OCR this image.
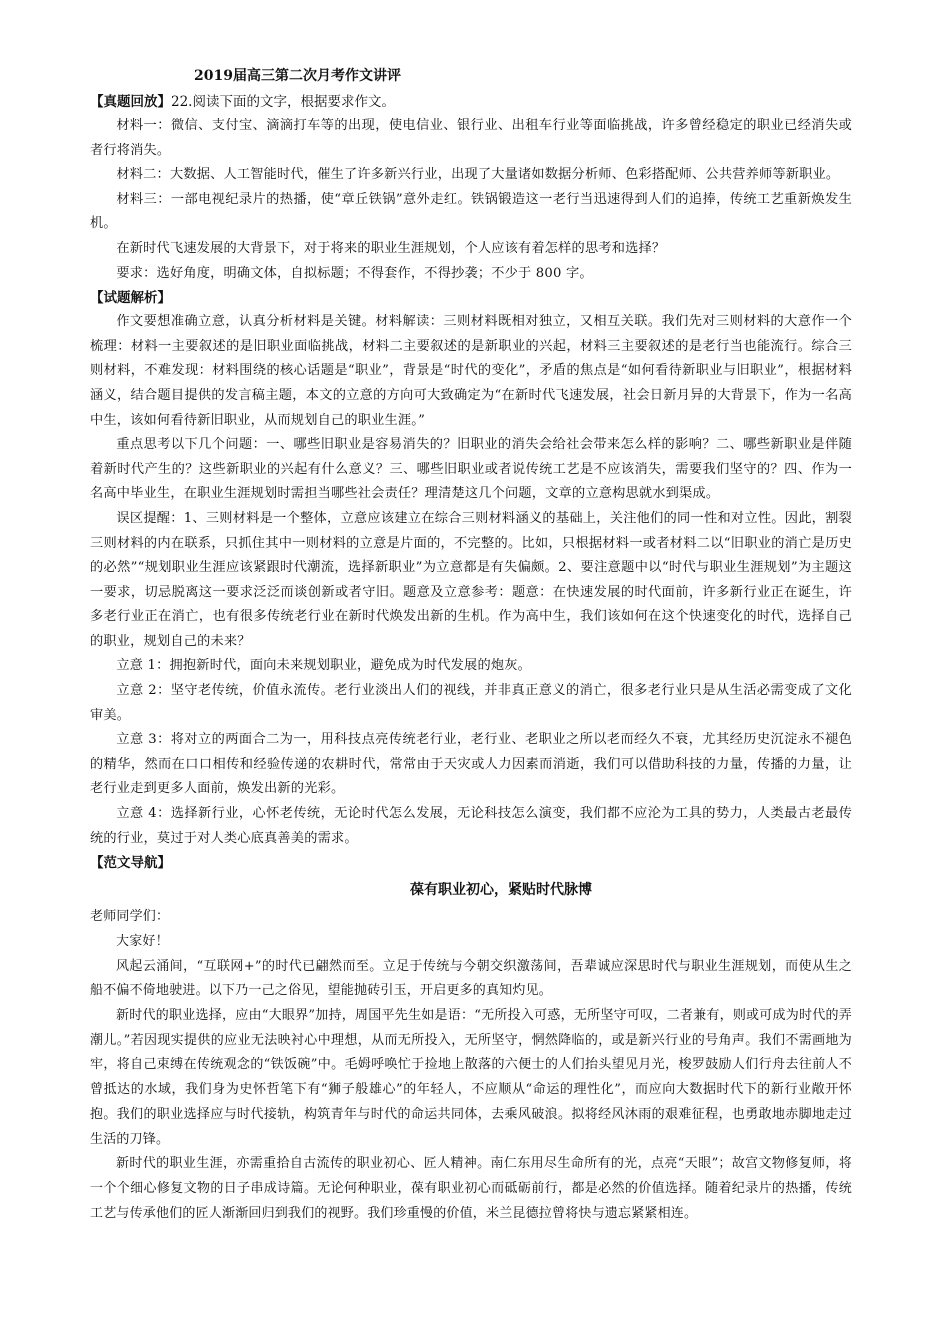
2019届高三第二次月考作文讲评
【真题回放】22.阅读下面的文字，根据要求作文。

材料一：微信、支付宝、滴滴打车等的出现，使电信业、银行业、出租车行业等面临挑战，许多曾经稳定的职业已经消失或者行将消失。

材料二：大数据、人工智能时代，催生了许多新兴行业，出现了大量诸如数据分析师、色彩搭配师、公共营养师等新职业。

材料三：一部电视纪录片的热播，使“章丘铁锅”意外走红。铁锅锻造这一老行当迅速得到人们的追捧，传统工艺重新焕发生机。

在新时代飞速发展的大背景下，对于将来的职业生涯规划，个人应该有着怎样的思考和选择？

要求：选好角度，明确文体，自拟标题；不得套作，不得抄袭；不少于 800 字。

【试题解析】

作文要想准确立意，认真分析材料是关键。材料解读：三则材料既相对独立，又相互关联。我们先对三则材料的大意作一个梳理：材料一主要叙述的是旧职业面临挑战，材料二主要叙述的是新职业的兴起，材料三主要叙述的是老行当也能流行。综合三则材料，不难发现：材料围绕的核心话题是“职业”，背景是“时代的变化”，矛盾的焦点是“如何看待新职业与旧职业”，根据材料涵义，结合题目提供的发言稿主题，本文的立意的方向可大致确定为“在新时代飞速发展，社会日新月异的大背景下，作为一名高中生，该如何看待新旧职业，从而规划自己的职业生涯。”

重点思考以下几个问题：一、哪些旧职业是容易消失的？旧职业的消失会给社会带来怎么样的影响？二、哪些新职业是伴随着新时代产生的？这些新职业的兴起有什么意义？三、哪些旧职业或者说传统工艺是不应该消失，需要我们坚守的？四、作为一名高中毕业生，在职业生涯规划时需担当哪些社会责任？理清楚这几个问题，文章的立意构思就水到渠成。

误区提醒：1、三则材料是一个整体，立意应该建立在综合三则材料涵义的基础上，关注他们的同一性和对立性。因此，割裂三则材料的内在联系，只抓住其中一则材料的立意是片面的，不完整的。比如，只根据材料一或者材料二以“旧职业的消亡是历史的必然”“规划职业生涯应该紧跟时代潮流，选择新职业”为立意都是有失偏颇。2、要注意题中以“时代与职业生涯规划”为主题这一要求，切忌脱离这一要求泛泛而谈创新或者守旧。题意及立意参考：题意：在快速发展的时代面前，许多新行业正在诞生，许多老行业正在消亡，也有很多传统老行业在新时代焕发出新的生机。作为高中生，我们该如何在这个快速变化的时代，选择自己的职业，规划自己的未来？

立意 1：拥抱新时代，面向未来规划职业，避免成为时代发展的炮灰。

立意 2：坚守老传统，价值永流传。老行业淡出人们的视线，并非真正意义的消亡，很多老行业只是从生活必需变成了文化审美。

立意 3：将对立的两面合二为一，用科技点亮传统老行业，老行业、老职业之所以老而经久不衰，尤其经历史沉淀永不褪色的精华，然而在口口相传和经验传递的农耕时代，常常由于天灾或人力因素而消逝，我们可以借助科技的力量，传播的力量，让老行业走到更多人面前，焕发出新的光彩。

立意 4：选择新行业，心怀老传统，无论时代怎么发展，无论科技怎么演变，我们都不应沦为工具的势力，人类最古老最传统的行业，莫过于对人类心底真善美的需求。

【范文导航】
葆有职业初心，紧贴时代脉博

老师同学们：

大家好！

风起云涌间，“互联网+”的时代已翩然而至。立足于传统与今朝交织激荡间，吾辈诚应深思时代与职业生涯规划，而使从生之船不偏不倚地驶进。以下乃一己之俗见，望能抛砖引玉，开启更多的真知灼见。

新时代的职业选择，应由“大眼界”加持，周国平先生如是语：“无所投入可惑，无所坚守可叹，二者兼有，则或可成为时代的弄潮儿。”若因现实提供的应业无法映衬心中理想，从而无所投入，无所坚守，惘然降临的，或是新兴行业的号角声。我们不需画地为牢，将自己束缚在传统观念的“铁饭碗”中。毛姆呼唤忙于捡地上散落的六便士的人们抬头望见月光，梭罗鼓励人们行舟去往前人不曾抵达的水域，我们身为史怀哲笔下有“狮子般雄心”的年轻人，不应顺从“命运的理性化”，而应向大数据时代下的新行业敞开怀抱。我们的职业选择应与时代接轨，构筑青年与时代的命运共同体，去乘风破浪。拟将经风沐雨的艰难征程，也勇敢地赤脚地走过生活的刀锋。

新时代的职业生涯，亦需重拾自古流传的职业初心、匠人精神。南仁东用尽生命所有的光，点亮“天眼”；故宫文物修复师，将一个个细心修复文物的日子串成诗篇。无论何种职业，葆有职业初心而砥砺前行，都是必然的价值选择。随着纪录片的热播，传统工艺与传承他们的匠人渐渐回归到我们的视野。我们珍重慢的价值，米兰昆德拉曾将快与遗忘紧紧相连。
